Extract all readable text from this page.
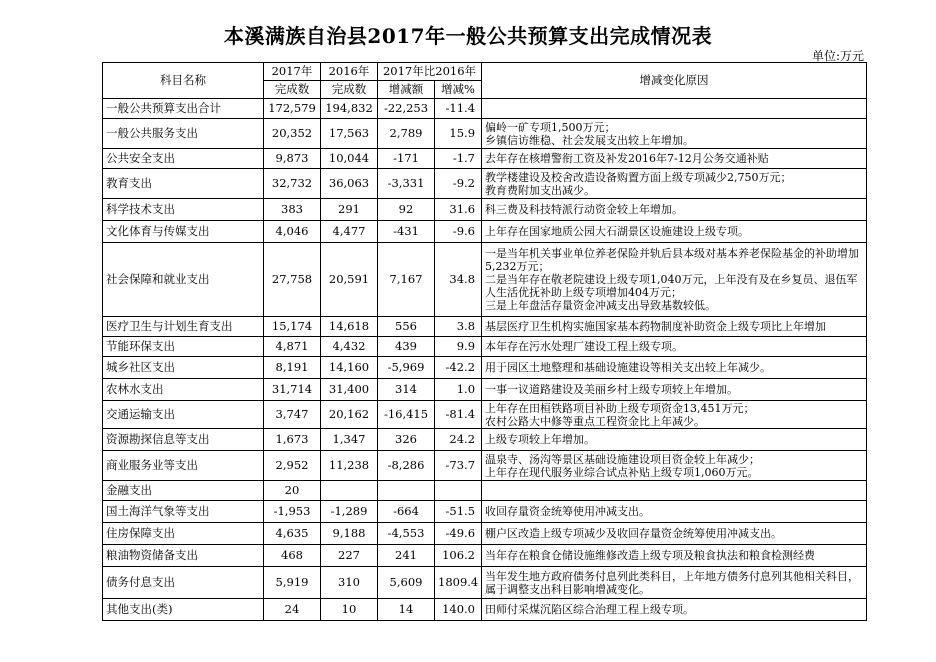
本溪满族自治县2017年一般公共预算支出完成情况表
单位:万元
科目名称	2017年	2016年	2017年比2016年		增减变化原因
	完成数	完成数	增减额	增减%	
一般公共预算支出合计	172,579	194,832	-22,253	-11.4	
一般公共服务支出	20,352	17,563	2,789	15.9	偏岭一矿专项1,500万元；
乡镇信访维稳、社会发展支出较上年增加。
公共安全支出	9,873	10,044	-171	-1.7	去年存在核增警衔工资及补发2016年7-12月公务交通补贴
教育支出	32,732	36,063	-3,331	-9.2	教学楼建设及校舍改造设备购置方面上级专项减少2,750万元；
教育费附加支出减少。
科学技术支出	383	291	92	31.6	科三费及科技特派行动资金较上年增加。
文化体育与传媒支出	4,046	4,477	-431	-9.6	上年存在国家地质公园大石湖景区设施建设上级专项。
社会保障和就业支出	27,758	20,591	7,167	34.8	一是当年机关事业单位养老保险并轨后县本级对基本养老保险基金的补助增加5,232万元；
二是当年存在敬老院建设上级专项1,040万元，上年没有及在乡复员、退伍军人生活优抚补助上级专项增加404万元；
三是上年盘活存量资金冲减支出导致基数较低。
医疗卫生与计划生育支出	15,174	14,618	556	3.8	基层医疗卫生机构实施国家基本药物制度补助资金上级专项比上年增加
节能环保支出	4,871	4,432	439	9.9	本年存在污水处理厂建设工程上级专项。
城乡社区支出	8,191	14,160	-5,969	-42.2	用于园区土地整理和基础设施建设等相关支出较上年减少。
农林水支出	31,714	31,400	314	1.0	一事一议道路建设及美丽乡村上级专项较上年增加。
交通运输支出	3,747	20,162	-16,415	-81.4	上年存在田桓铁路项目补助上级专项资金13,451万元；
农村公路大中修等重点工程资金比上年减少。
资源勘探信息等支出	1,673	1,347	326	24.2	上级专项较上年增加。
商业服务业等支出	2,952	11,238	-8,286	-73.7	温泉寺、汤沟等景区基础设施建设项目资金较上年减少；
上年存在现代服务业综合试点补贴上级专项1,060万元。
金融支出	20				
国土海洋气象等支出	-1,953	-1,289	-664	-51.5	收回存量资金统筹使用冲减支出。
住房保障支出	4,635	9,188	-4,553	-49.6	棚户区改造上级专项减少及收回存量资金统筹使用冲减支出。
粮油物资储备支出	468	227	241	106.2	当年存在粮食仓储设施维修改造上级专项及粮食执法和粮食检测经费
债务付息支出	5,919	310	5,609	1809.4	当年发生地方政府债务付息列此类科目，上年地方债务付息列其他相关科目，属于调整支出科目影响增减变化。
其他支出(类)	24	10	14	140.0	田师付采煤沉陷区综合治理工程上级专项。
